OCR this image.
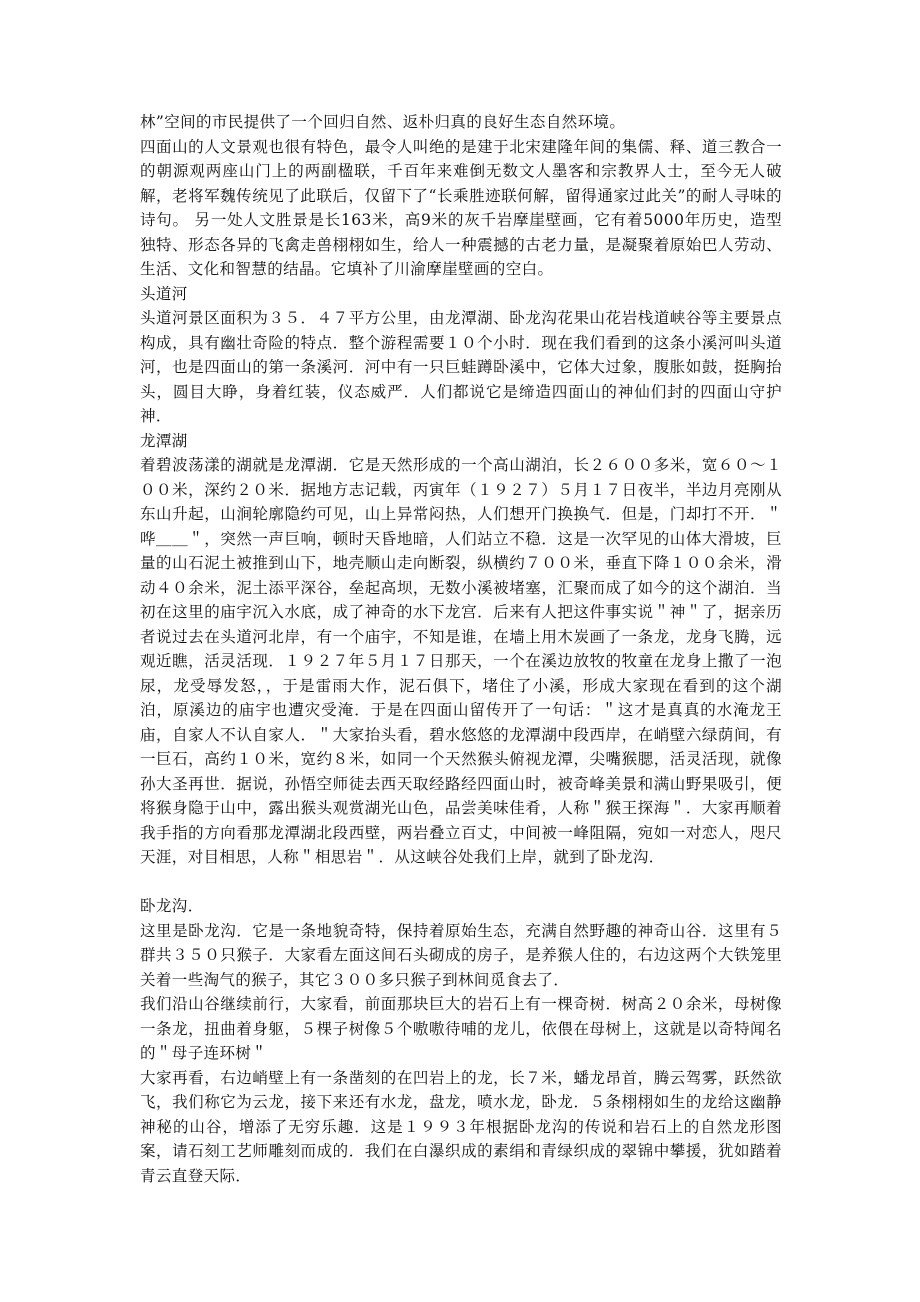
林”空间的市民提供了一个回归自然、返朴归真的良好生态自然环境。

四面山的人文景观也很有特色，最令人叫绝的是建于北宋建隆年间的集儒、释、道三教合一的朝源观两座山门上的两副楹联，千百年来难倒无数文人墨客和宗教界人士，至今无人破解，老将军魏传统见了此联后，仅留下了“长乘胜迹联何解，留得通家过此关”的耐人寻味的诗句。 另一处人文胜景是长163米，高9米的灰千岩摩崖壁画，它有着5000年历史，造型独特、形态各异的飞禽走兽栩栩如生，给人一种震撼的古老力量，是凝聚着原始巴人劳动、生活、文化和智慧的结晶。它填补了川渝摩崖壁画的空白。

头道河

头道河景区面积为３５．４７平方公里，由龙潭湖、卧龙沟花果山花岩栈道峡谷等主要景点构成，具有幽壮奇险的特点．整个游程需要１０个小时．现在我们看到的这条小溪河叫头道河，也是四面山的第一条溪河．河中有一只巨蛙蹲卧溪中，它体大过象，腹胀如鼓，挺胸抬头，圆目大睁，身着红装，仪态威严．人们都说它是缔造四面山的神仙们封的四面山守护神．

龙潭湖

着碧波荡漾的湖就是龙潭湖．它是天然形成的一个高山湖泊，长２６００多米，宽６０～１００米，深约２０米．据地方志记载，丙寅年（１９２７）５月１７日夜半，半边月亮刚从东山升起，山涧轮廓隐约可见，山上异常闷热，人们想开门换换气．但是，门却打不开．＂哗＿＿＂，突然一声巨响，顿时天昏地暗，人们站立不稳．这是一次罕见的山体大滑坡，巨量的山石泥土被推到山下，地壳顺山走向断裂，纵横约７００米，垂直下降１００余米，滑动４０余米，泥土添平深谷，垒起高坝，无数小溪被堵塞，汇聚而成了如今的这个湖泊．当初在这里的庙宇沉入水底，成了神奇的水下龙宫．后来有人把这件事实说＂神＂了，据亲历者说过去在头道河北岸，有一个庙宇，不知是谁，在墙上用木炭画了一条龙，龙身飞腾，远观近瞧，活灵活现．１９２７年５月１７日那天，一个在溪边放牧的牧童在龙身上撒了一泡尿，龙受辱发怒，，于是雷雨大作，泥石俱下，堵住了小溪，形成大家现在看到的这个湖泊，原溪边的庙宇也遭灾受淹．于是在四面山留传开了一句话：＂这才是真真的水淹龙王庙，自家人不认自家人．＂大家抬头看，碧水悠悠的龙潭湖中段西岸，在峭壁六绿荫间，有一巨石，高约１０米，宽约８米，如同一个天然猴头俯视龙潭，尖嘴猴腮，活灵活现，就像孙大圣再世．据说，孙悟空师徒去西天取经路经四面山时，被奇峰美景和满山野果吸引，便将猴身隐于山中，露出猴头观赏湖光山色，品尝美味佳肴，人称＂猴王探海＂．大家再顺着我手指的方向看那龙潭湖北段西壁，两岩叠立百丈，中间被一峰阻隔，宛如一对恋人，咫尺天涯，对目相思，人称＂相思岩＂．从这峡谷处我们上岸，就到了卧龙沟．

卧龙沟．

这里是卧龙沟．它是一条地貌奇特，保持着原始生态，充满自然野趣的神奇山谷．这里有５群共３５０只猴子．大家看左面这间石头砌成的房子，是养猴人住的，右边这两个大铁笼里关着一些淘气的猴子，其它３００多只猴子到林间觅食去了．

我们沿山谷继续前行，大家看，前面那块巨大的岩石上有一棵奇树．树高２０余米，母树像一条龙，扭曲着身躯，５棵子树像５个嗷嗷待哺的龙儿，依偎在母树上，这就是以奇特闻名的＂母子连环树＂

大家再看，右边峭壁上有一条凿刻的在凹岩上的龙，长７米，蟠龙昂首，腾云驾雾，跃然欲飞，我们称它为云龙，接下来还有水龙，盘龙，喷水龙，卧龙．５条栩栩如生的龙给这幽静神秘的山谷，增添了无穷乐趣．这是１９９３年根据卧龙沟的传说和岩石上的自然龙形图案，请石刻工艺师雕刻而成的．我们在白瀑织成的素绢和青绿织成的翠锦中攀援，犹如踏着青云直登天际．
